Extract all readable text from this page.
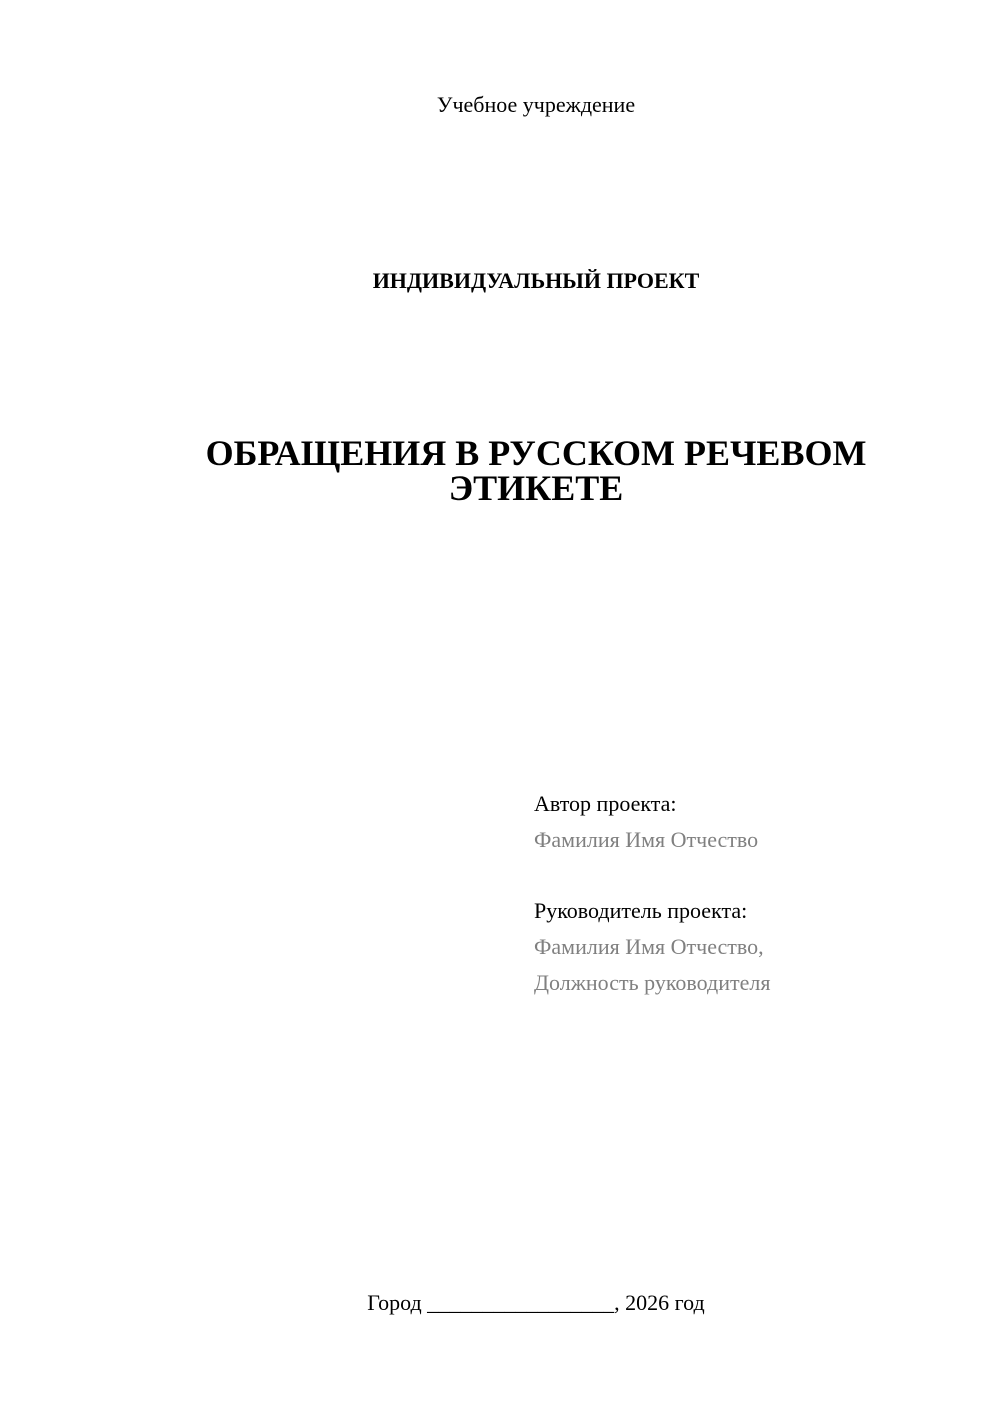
Учебное учреждение
ИНДИВИДУАЛЬНЫЙ ПРОЕКТ
ОБРАЩЕНИЯ В РУССКОМ РЕЧЕВОМ
ЭТИКЕТЕ
Автор проекта:
Фамилия Имя Отчество
Руководитель проекта:
Фамилия Имя Отчество,
Должность руководителя
Город _________________, 2026 год
